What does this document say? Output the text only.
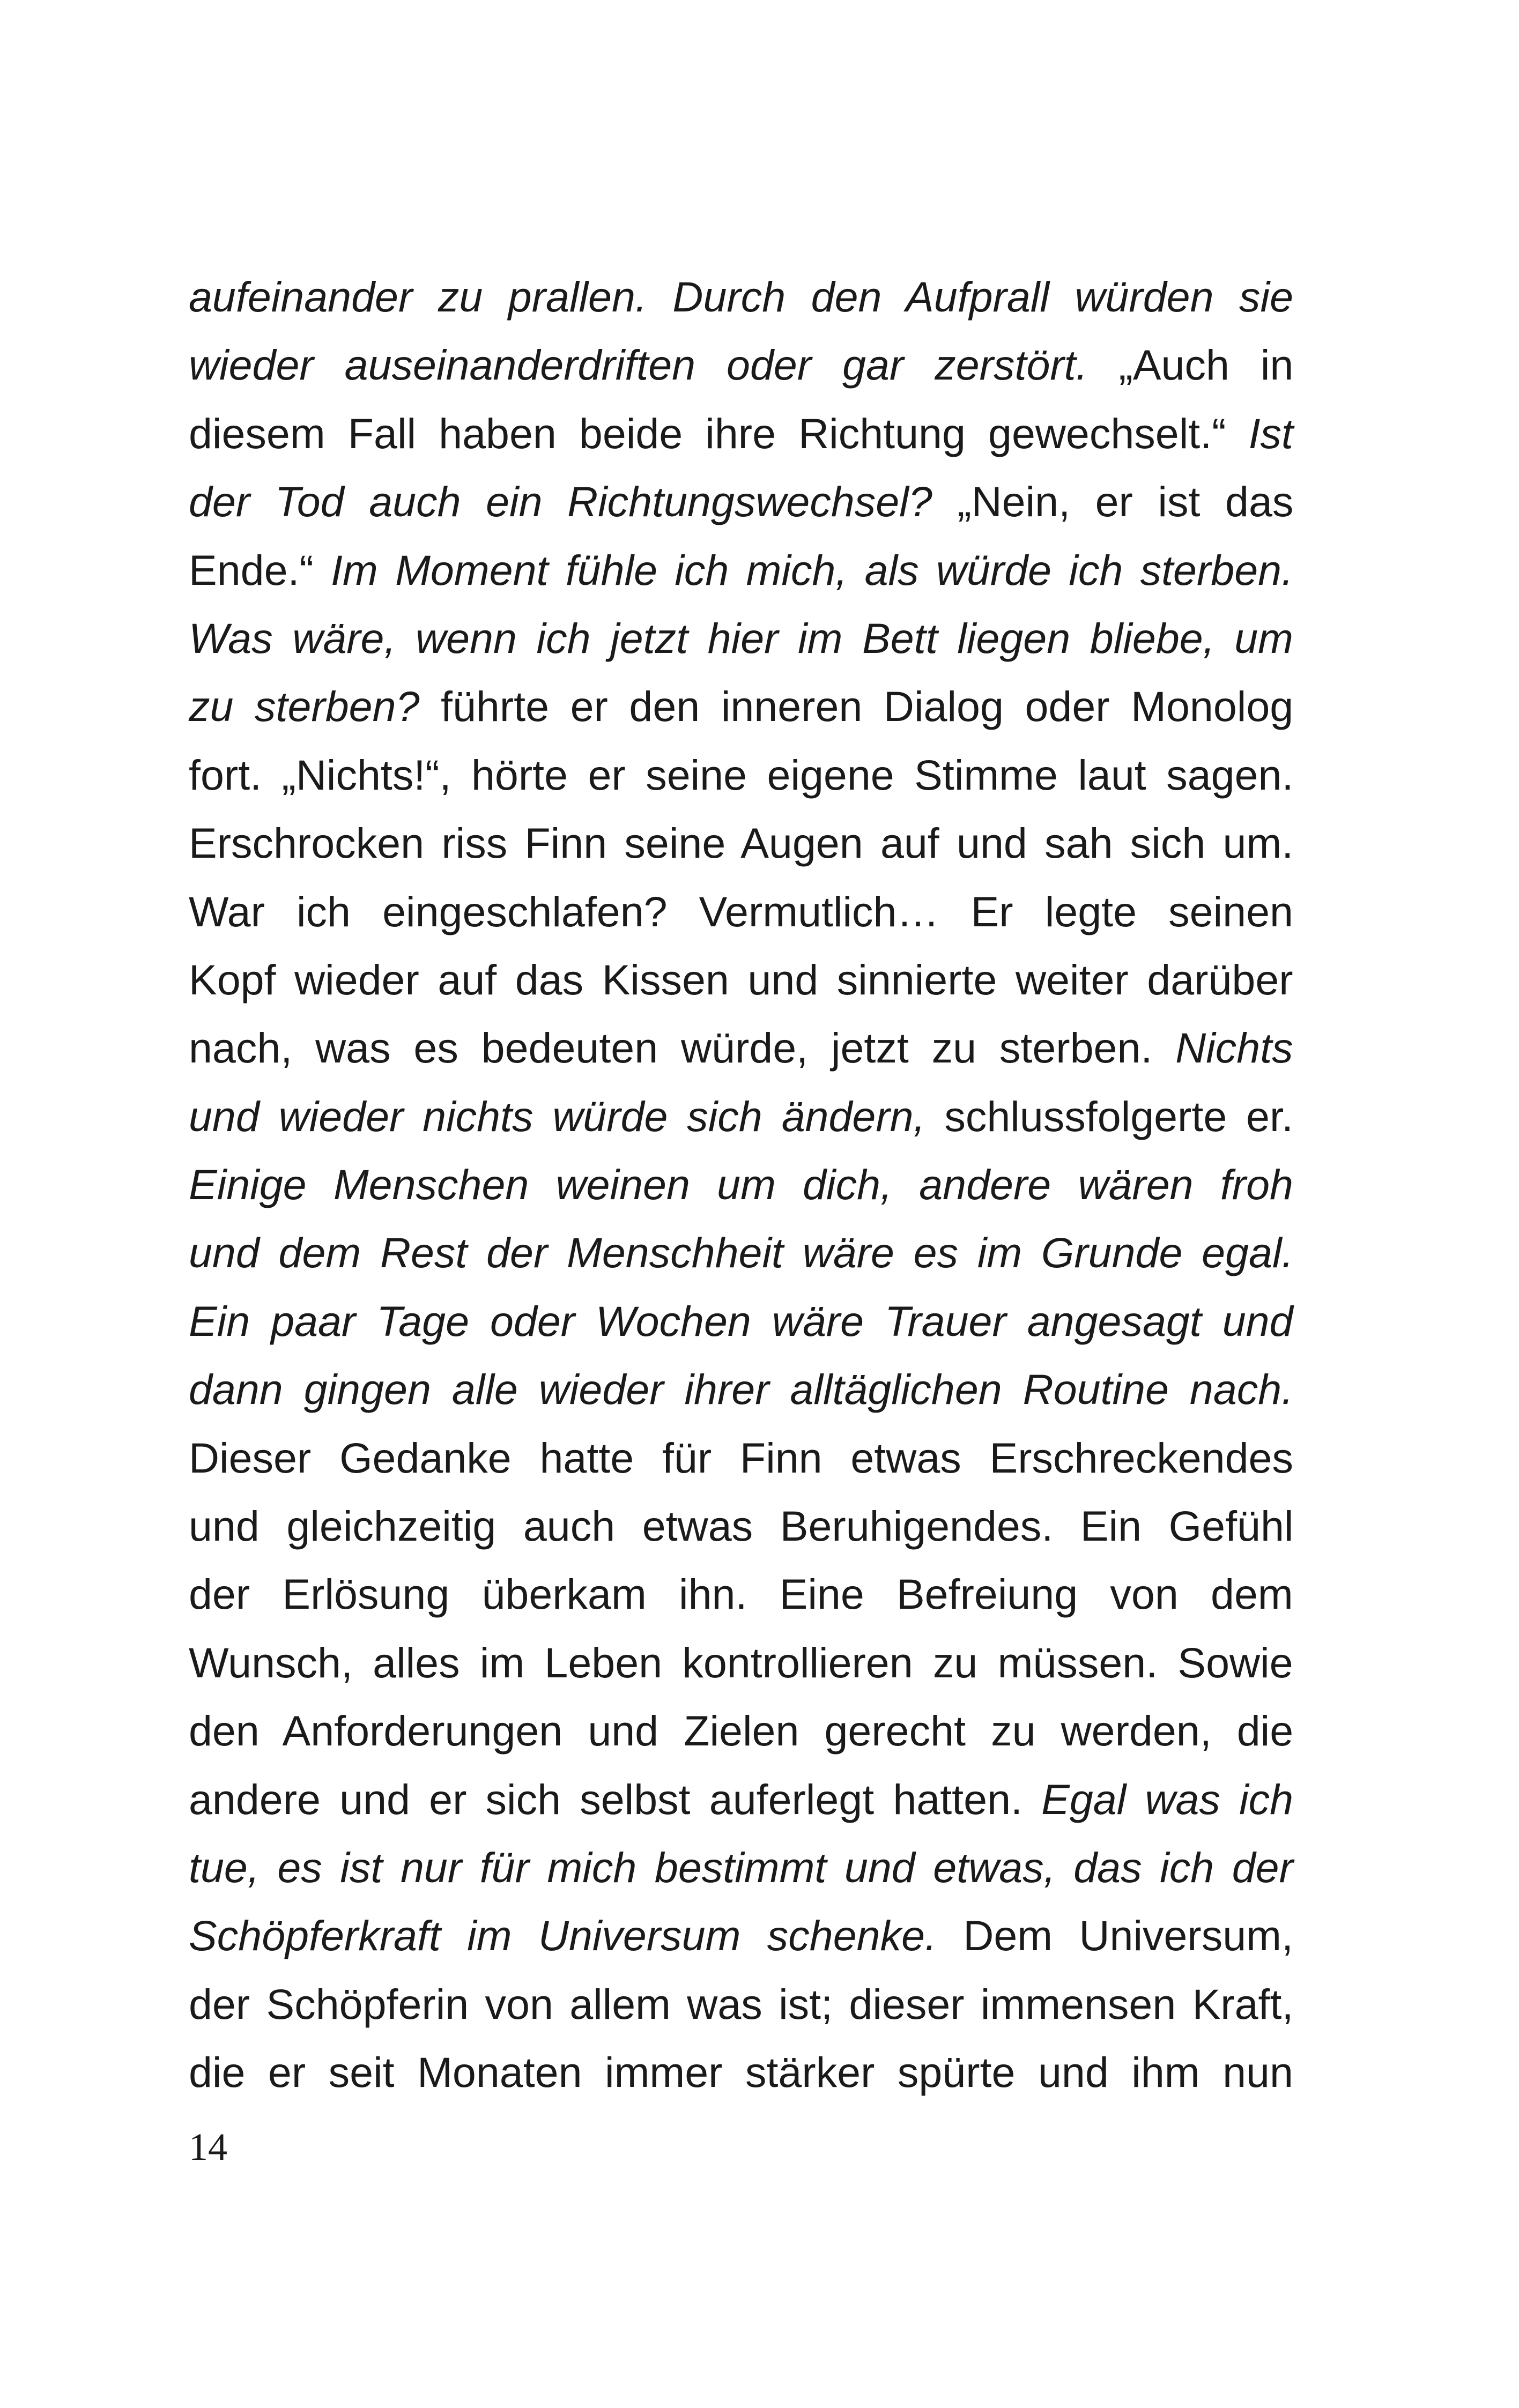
aufeinander zu prallen. Durch den Aufprall würden sie
wieder auseinanderdriften oder gar zerstört. „Auch in
diesem Fall haben beide ihre Richtung gewechselt.“ Ist
der Tod auch ein Richtungswechsel? „Nein, er ist das
Ende.“ Im Moment fühle ich mich, als würde ich sterben.
Was wäre, wenn ich jetzt hier im Bett liegen bliebe, um
zu sterben? führte er den inneren Dialog oder Monolog
fort. „Nichts!“, hörte er seine eigene Stimme laut sagen.
Erschrocken riss Finn seine Augen auf und sah sich um.
War ich eingeschlafen? Vermutlich… Er legte seinen
Kopf wieder auf das Kissen und sinnierte weiter darüber
nach, was es bedeuten würde, jetzt zu sterben. Nichts
und wieder nichts würde sich ändern, schlussfolgerte er.
Einige Menschen weinen um dich, andere wären froh
und dem Rest der Menschheit wäre es im Grunde egal.
Ein paar Tage oder Wochen wäre Trauer angesagt und
dann gingen alle wieder ihrer alltäglichen Routine nach.
Dieser Gedanke hatte für Finn etwas Erschreckendes
und gleichzeitig auch etwas Beruhigendes. Ein Gefühl
der Erlösung überkam ihn. Eine Befreiung von dem
Wunsch, alles im Leben kontrollieren zu müssen. Sowie
den Anforderungen und Zielen gerecht zu werden, die
andere und er sich selbst auferlegt hatten. Egal was ich
tue, es ist nur für mich bestimmt und etwas, das ich der
Schöpferkraft im Universum schenke. Dem Universum,
der Schöpferin von allem was ist; dieser immensen Kraft,
die er seit Monaten immer stärker spürte und ihm nun
14
